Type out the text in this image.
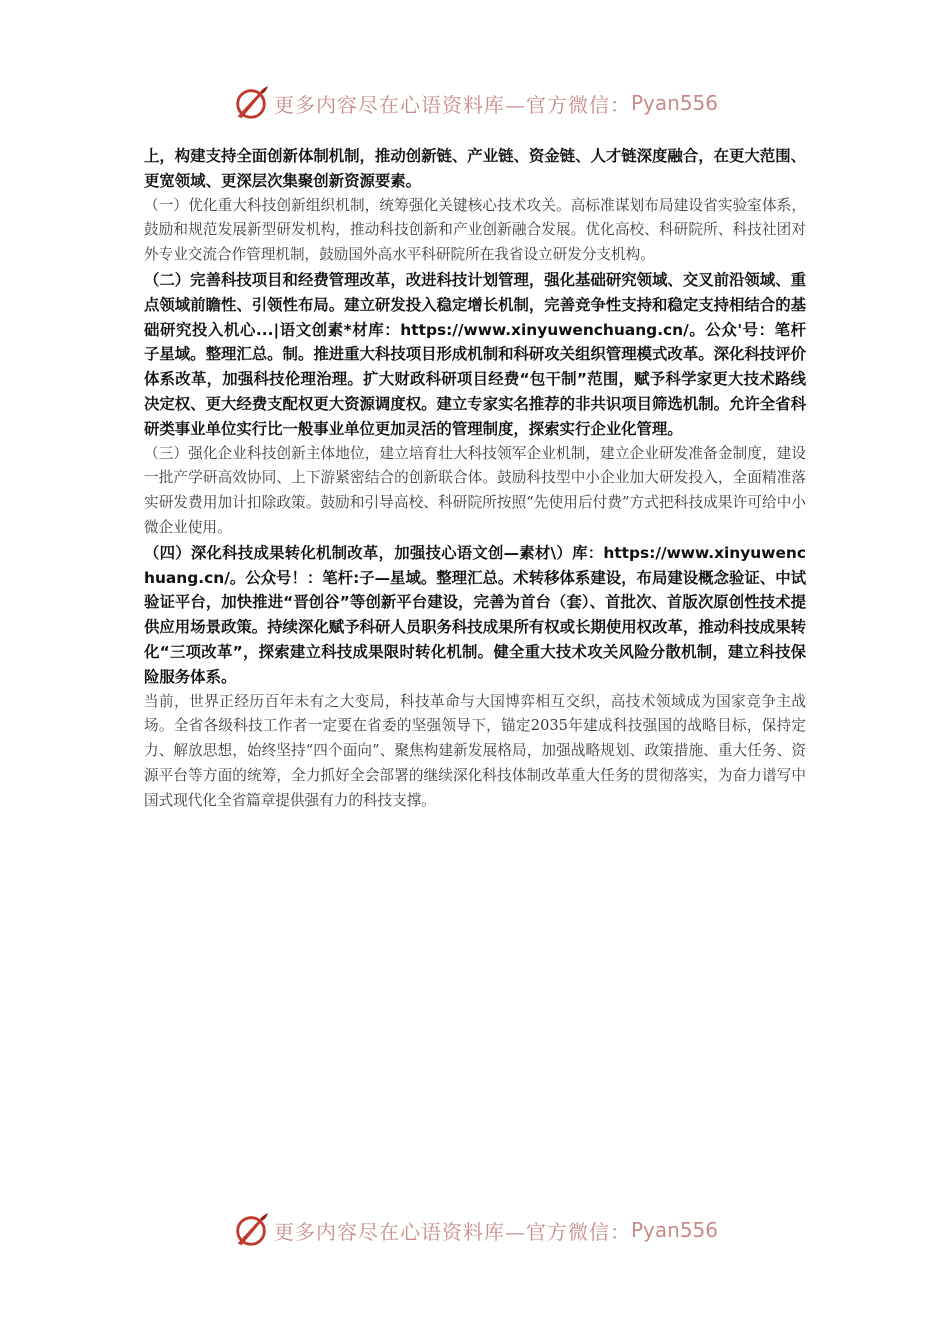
更多内容尽在心语资料库—官方微信： Pyan556

上，构建支持全面创新体制机制，推动创新链、产业链、资金链、人才链深度融合，在更大范围、更宽领域、更深层次集聚创新资源要素。

（一）优化重大科技创新组织机制，统筹强化关键核心技术攻关。高标准谋划布局建设省实验室体系，鼓励和规范发展新型研发机构，推动科技创新和产业创新融合发展。优化高校、科研院所、科技社团对外专业交流合作管理机制，鼓励国外高水平科研院所在我省设立研发分支机构。

（二）完善科技项目和经费管理改革，改进科技计划管理，强化基础研究领域、交叉前沿领域、重点领域前瞻性、引领性布局。建立研发投入稳定增长机制，完善竞争性支持和稳定支持相结合的基础研究投入机心...|语文创素*材库：https://www.xinyuwenchuang.cn/。公众'号：笔杆子星域。整理汇总。制。推进重大科技项目形成机制和科研攻关组织管理模式改革。深化科技评价体系改革，加强科技伦理治理。扩大财政科研项目经费“包干制”范围，赋予科学家更大技术路线决定权、更大经费支配权更大资源调度权。建立专家实名推荐的非共识项目筛选机制。允许全省科研类事业单位实行比一般事业单位更加灵活的管理制度，探索实行企业化管理。

（三）强化企业科技创新主体地位，建立培育壮大科技领军企业机制，建立企业研发准备金制度，建设一批产学研高效协同、上下游紧密结合的创新联合体。鼓励科技型中小企业加大研发投入，全面精准落实研发费用加计扣除政策。鼓励和引导高校、科研院所按照“先使用后付费”方式把科技成果许可给中小微企业使用。

（四）深化科技成果转化机制改革，加强技心语文创—素材\）库：https://www.xinyuwenchuang.cn/。公众号！：笔杆:子—星域。整理汇总。术转移体系建设，布局建设概念验证、中试验证平台，加快推进“晋创谷”等创新平台建设，完善为首台（套）、首批次、首版次原创性技术提供应用场景政策。持续深化赋予科研人员职务科技成果所有权或长期使用权改革，推动科技成果转化“三项改革”，探索建立科技成果限时转化机制。健全重大技术攻关风险分散机制，建立科技保险服务体系。

当前，世界正经历百年未有之大变局，科技革命与大国博弈相互交织，高技术领域成为国家竞争主战场。全省各级科技工作者一定要在省委的坚强领导下，锚定2035年建成科技强国的战略目标，保持定力、解放思想，始终坚持“四个面向”、聚焦构建新发展格局，加强战略规划、政策措施、重大任务、资源平台等方面的统筹，全力抓好全会部署的继续深化科技体制改革重大任务的贯彻落实，为奋力谱写中国式现代化全省篇章提供强有力的科技支撑。

更多内容尽在心语资料库—官方微信： Pyan556
